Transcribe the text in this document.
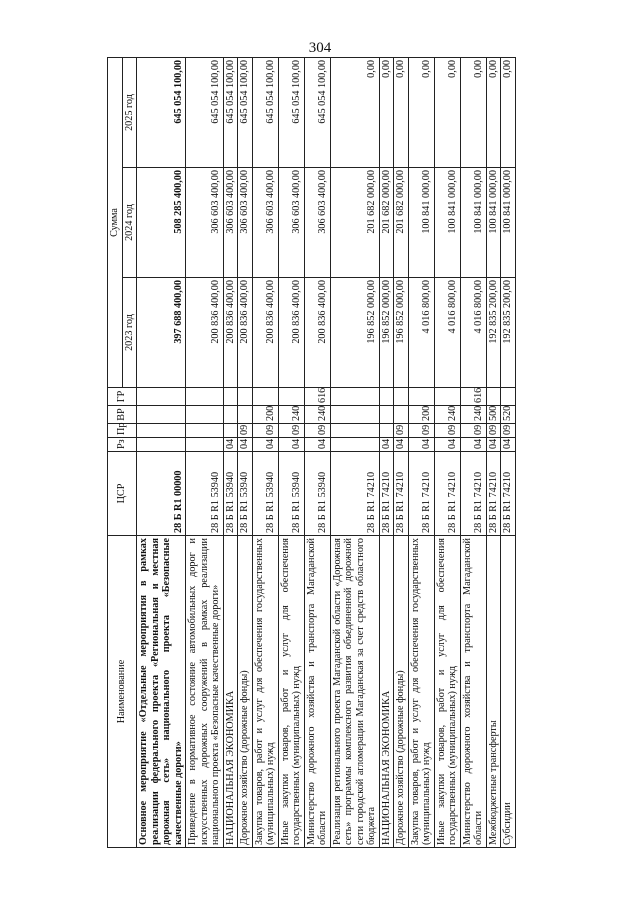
304
Наименование	ЦСР	Рз	Пр	ВР	ГР	Сумма		
						2023 год	2024 год	2025 год
Основное мероприятие «Отдельные мероприятия в рамках реализации федерального проекта «Региональная и местная дорожная сеть» национального проекта «Безопасные качественные дороги»	28 Б R1 00000					397 688 400,00	508 285 400,00	645 054 100,00
Приведение в нормативное состояние автомобильных дорог и искусственных дорожных сооружений в рамках реализации национального проекта «Безопасные качественные дороги»	28 Б R1 53940					200 836 400,00	306 603 400,00	645 054 100,00
НАЦИОНАЛЬНАЯ ЭКОНОМИКА	28 Б R1 53940	04				200 836 400,00	306 603 400,00	645 054 100,00
Дорожное хозяйство (дорожные фонды)	28 Б R1 53940	04	09			200 836 400,00	306 603 400,00	645 054 100,00
Закупка товаров, работ и услуг для обеспечения государственных (муниципальных) нужд	28 Б R1 53940	04	09	200		200 836 400,00	306 603 400,00	645 054 100,00
Иные закупки товаров, работ и услуг для обеспечения государственных (муниципальных) нужд	28 Б R1 53940	04	09	240		200 836 400,00	306 603 400,00	645 054 100,00
Министерство дорожного хозяйства и транспорта Магаданской области	28 Б R1 53940	04	09	240	616	200 836 400,00	306 603 400,00	645 054 100,00
Реализация регионального проекта Магаданской области «Дорожная сеть» программы комплексного развития объединенной дорожной сети городской агломерации Магаданская за счет средств областного бюджета	28 Б R1 74210					196 852 000,00	201 682 000,00	0,00
НАЦИОНАЛЬНАЯ ЭКОНОМИКА	28 Б R1 74210	04				196 852 000,00	201 682 000,00	0,00
Дорожное хозяйство (дорожные фонды)	28 Б R1 74210	04	09			196 852 000,00	201 682 000,00	0,00
Закупка товаров, работ и услуг для обеспечения государственных (муниципальных) нужд	28 Б R1 74210	04	09	200		4 016 800,00	100 841 000,00	0,00
Иные закупки товаров, работ и услуг для обеспечения государственных (муниципальных) нужд	28 Б R1 74210	04	09	240		4 016 800,00	100 841 000,00	0,00
Министерство дорожного хозяйства и транспорта Магаданской области	28 Б R1 74210	04	09	240	616	4 016 800,00	100 841 000,00	0,00
Межбюджетные трансферты	28 Б R1 74210	04	09	500		192 835 200,00	100 841 000,00	0,00
Субсидии	28 Б R1 74210	04	09	520		192 835 200,00	100 841 000,00	0,00
